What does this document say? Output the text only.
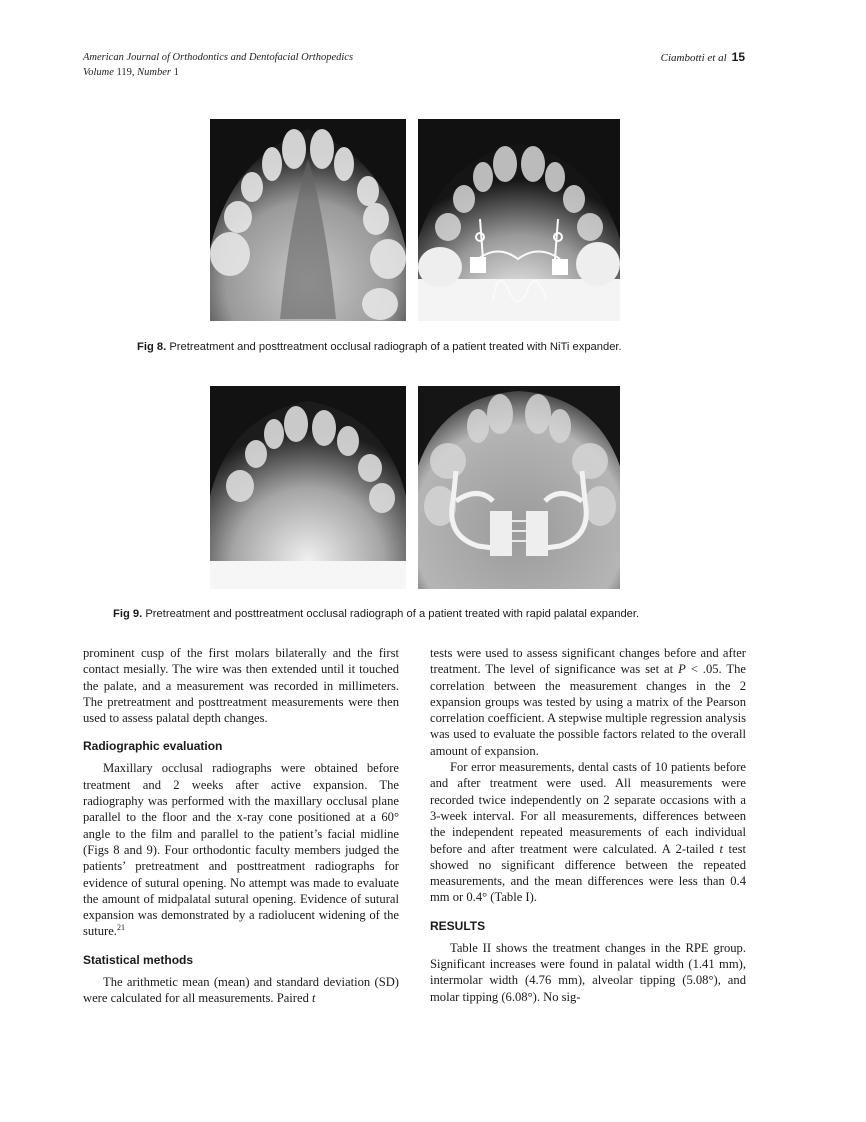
American Journal of Orthodontics and Dentofacial Orthopedics
Volume 119, Number 1
Ciambotti et al 15
Fig 8. Pretreatment and posttreatment occlusal radiograph of a patient treated with NiTi expander.
Fig 9. Pretreatment and posttreatment occlusal radiograph of a patient treated with rapid palatal expander.

prominent cusp of the first molars bilaterally and the first contact mesially. The wire was then extended until it touched the palate, and a measurement was recorded in millimeters. The pretreatment and posttreatment measurements were then used to assess palatal depth changes.

Radiographic evaluation

Maxillary occlusal radiographs were obtained before treatment and 2 weeks after active expansion. The radiography was performed with the maxillary occlusal plane parallel to the floor and the x-ray cone positioned at a 60° angle to the film and parallel to the patient’s facial midline (Figs 8 and 9). Four orthodontic faculty members judged the patients’ pretreatment and posttreatment radiographs for evidence of sutural opening. No attempt was made to evaluate the amount of midpalatal sutural opening. Evidence of sutural expansion was demonstrated by a radiolucent widening of the suture.$^{21}$

Statistical methods

The arithmetic mean (mean) and standard deviation (SD) were calculated for all measurements. Paired t

tests were used to assess significant changes before and after treatment. The level of significance was set at P < .05. The correlation between the measurement changes in the 2 expansion groups was tested by using a matrix of the Pearson correlation coefficient. A stepwise multiple regression analysis was used to evaluate the possible factors related to the overall amount of expansion.

For error measurements, dental casts of 10 patients before and after treatment were used. All measurements were recorded twice independently on 2 separate occasions with a 3-week interval. For all measurements, differences between the independent repeated measurements of each individual before and after treatment were calculated. A 2-tailed t test showed no significant difference between the repeated measurements, and the mean differences were less than 0.4 mm or 0.4° (Table I).

RESULTS

Table II shows the treatment changes in the RPE group. Significant increases were found in palatal width (1.41 mm), intermolar width (4.76 mm), alveolar tipping (5.08°), and molar tipping (6.08°). No sig-
